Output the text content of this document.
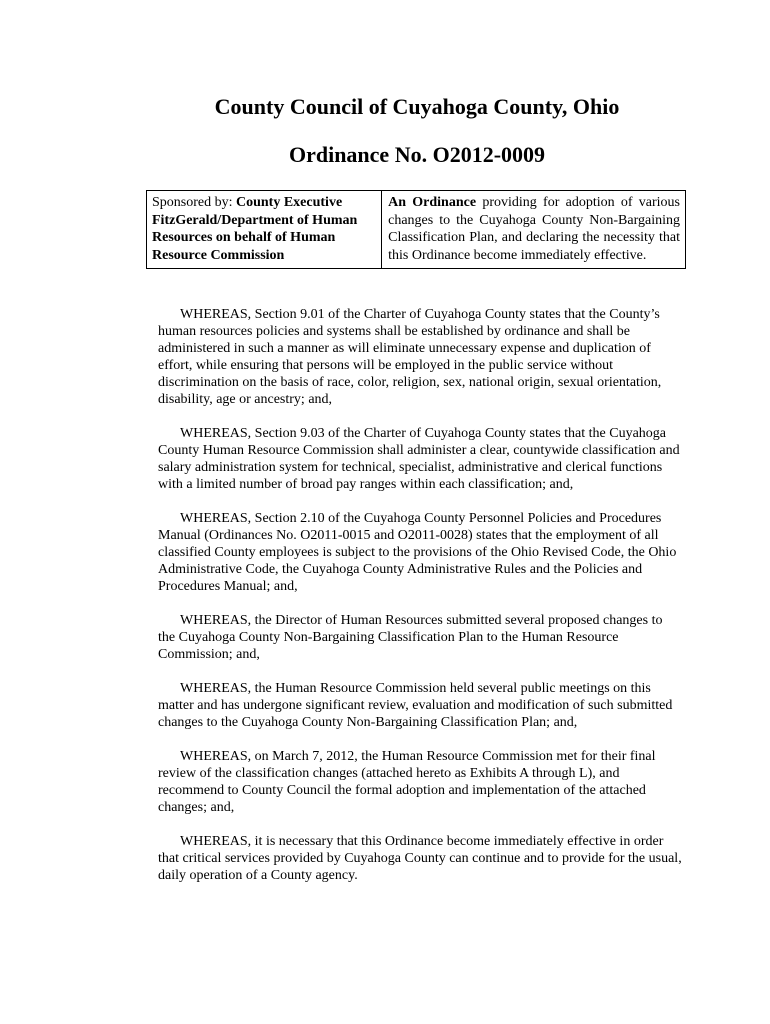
County Council of Cuyahoga County, Ohio
Ordinance No. O2012-0009
Sponsored by: County Executive FitzGerald/Department of Human Resources on behalf of Human Resource Commission
An Ordinance providing for adoption of various changes to the Cuyahoga County Non-Bargaining Classification Plan, and declaring the necessity that this Ordinance become immediately effective.

WHEREAS, Section 9.01 of the Charter of Cuyahoga County states that the County’s human resources policies and systems shall be established by ordinance and shall be administered in such a manner as will eliminate unnecessary expense and duplication of effort, while ensuring that persons will be employed in the public service without discrimination on the basis of race, color, religion, sex, national origin, sexual orientation, disability, age or ancestry; and,

WHEREAS, Section 9.03 of the Charter of Cuyahoga County states that the Cuyahoga County Human Resource Commission shall administer a clear, countywide classification and salary administration system for technical, specialist, administrative and clerical functions with a limited number of broad pay ranges within each classification; and,

WHEREAS, Section 2.10 of the Cuyahoga County Personnel Policies and Procedures Manual (Ordinances No. O2011-0015 and O2011-0028) states that the employment of all classified County employees is subject to the provisions of the Ohio Revised Code, the Ohio Administrative Code, the Cuyahoga County Administrative Rules and the Policies and Procedures Manual; and,

WHEREAS, the Director of Human Resources submitted several proposed changes to the Cuyahoga County Non-Bargaining Classification Plan to the Human Resource Commission; and,

WHEREAS, the Human Resource Commission held several public meetings on this matter and has undergone significant review, evaluation and modification of such submitted changes to the Cuyahoga County Non-Bargaining Classification Plan; and,

WHEREAS, on March 7, 2012, the Human Resource Commission met for their final review of the classification changes (attached hereto as Exhibits A through L), and recommend to County Council the formal adoption and implementation of the attached changes; and,

WHEREAS, it is necessary that this Ordinance become immediately effective in order that critical services provided by Cuyahoga County can continue and to provide for the usual, daily operation of a County agency.
